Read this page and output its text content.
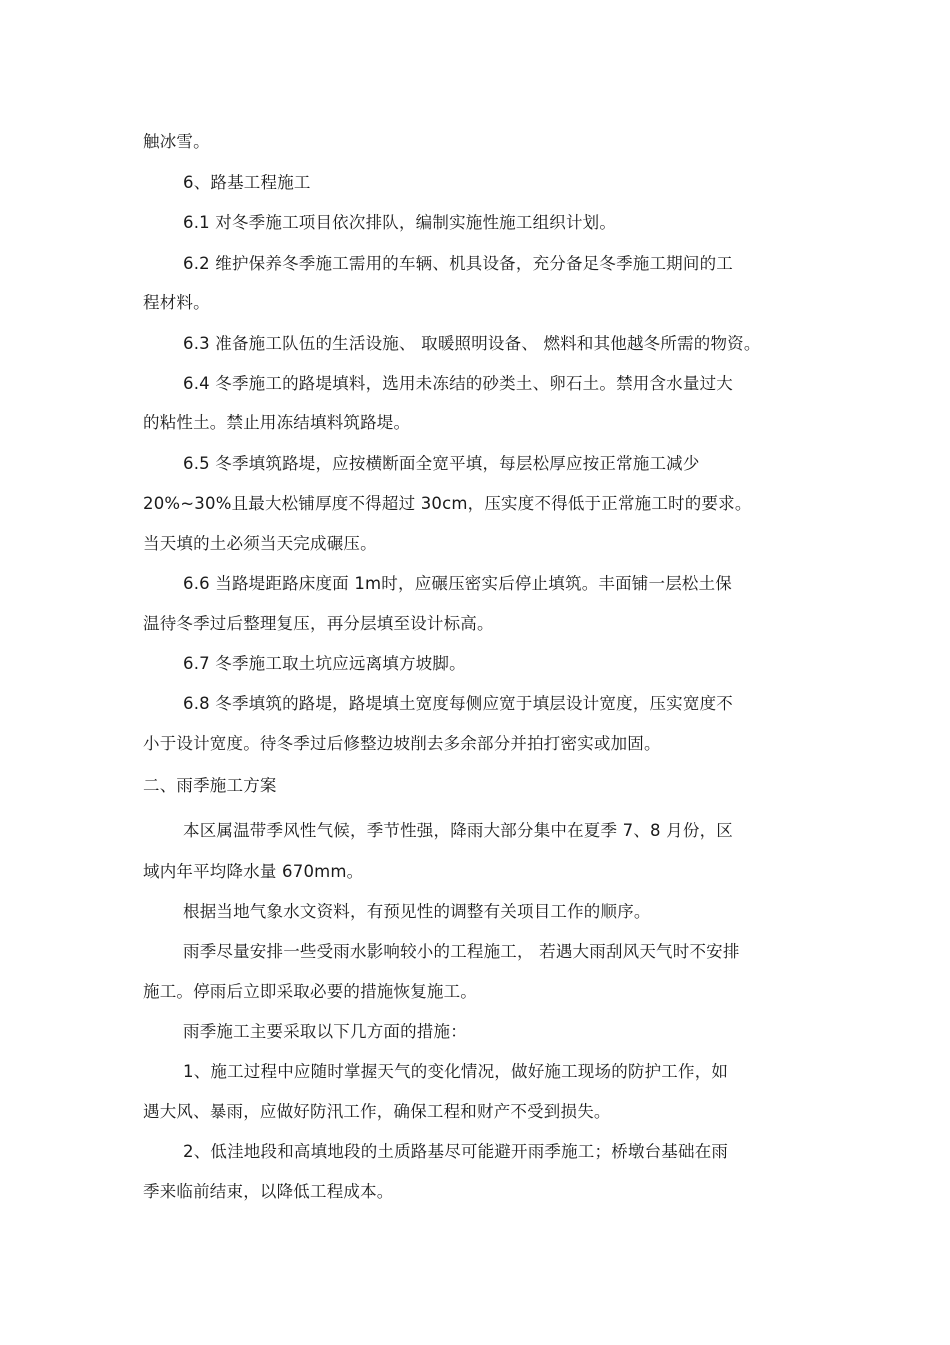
触冰雪。
6、路基工程施工
6.1 对冬季施工项目依次排队，编制实施性施工组织计划。
6.2 维护保养冬季施工需用的车辆、机具设备，充分备足冬季施工期间的工
程材料。
6.3 准备施工队伍的生活设施、 取暖照明设备、 燃料和其他越冬所需的物资。
6.4 冬季施工的路堤填料，选用未冻结的砂类土、卵石土。禁用含水量过大
的粘性土。禁止用冻结填料筑路堤。
6.5 冬季填筑路堤，应按横断面全宽平填，每层松厚应按正常施工减少
20%~30%且最大松铺厚度不得超过 30cm，压实度不得低于正常施工时的要求。
当天填的土必须当天完成碾压。
6.6 当路堤距路床度面 1m时，应碾压密实后停止填筑。丰面铺一层松土保
温待冬季过后整理复压，再分层填至设计标高。
6.7 冬季施工取土坑应远离填方坡脚。
6.8 冬季填筑的路堤，路堤填土宽度每侧应宽于填层设计宽度，压实宽度不
小于设计宽度。待冬季过后修整边坡削去多余部分并拍打密实或加固。
二、雨季施工方案
本区属温带季风性气候，季节性强，降雨大部分集中在夏季 7、8 月份，区
域内年平均降水量 670mm。
根据当地气象水文资料，有预见性的调整有关项目工作的顺序。
雨季尽量安排一些受雨水影响较小的工程施工， 若遇大雨刮风天气时不安排
施工。停雨后立即采取必要的措施恢复施工。
雨季施工主要采取以下几方面的措施：
1、施工过程中应随时掌握天气的变化情况，做好施工现场的防护工作，如
遇大风、暴雨，应做好防汛工作，确保工程和财产不受到损失。
2、低洼地段和高填地段的土质路基尽可能避开雨季施工；桥墩台基础在雨
季来临前结束，以降低工程成本。
